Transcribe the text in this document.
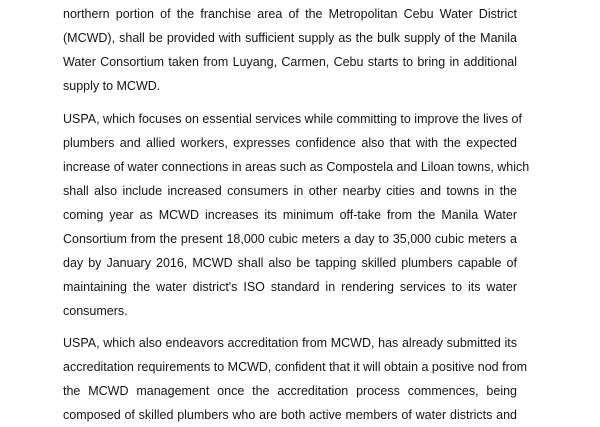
northern portion of the franchise area of the Metropolitan Cebu Water District
(MCWD), shall be provided with sufficient supply as the bulk supply of the Manila
Water Consortium taken from Luyang, Carmen, Cebu starts to bring in additional
supply to MCWD.
USPA, which focuses on essential services while committing to improve the lives of
plumbers and allied workers, expresses confidence also that with the expected
increase of water connections in areas such as Compostela and Liloan towns, which
shall also include increased consumers in other nearby cities and towns in the
coming year as MCWD increases its minimum off-take from the Manila Water
Consortium from the present 18,000 cubic meters a day to 35,000 cubic meters a
day by January 2016, MCWD shall also be tapping skilled plumbers capable of
maintaining the water district's ISO standard in rendering services to its water
consumers.
USPA, which also endeavors accreditation from MCWD, has already submitted its
accreditation requirements to MCWD, confident that it will obtain a positive nod from
the MCWD management once the accreditation process commences, being
composed of skilled plumbers who are both active members of water districts and
